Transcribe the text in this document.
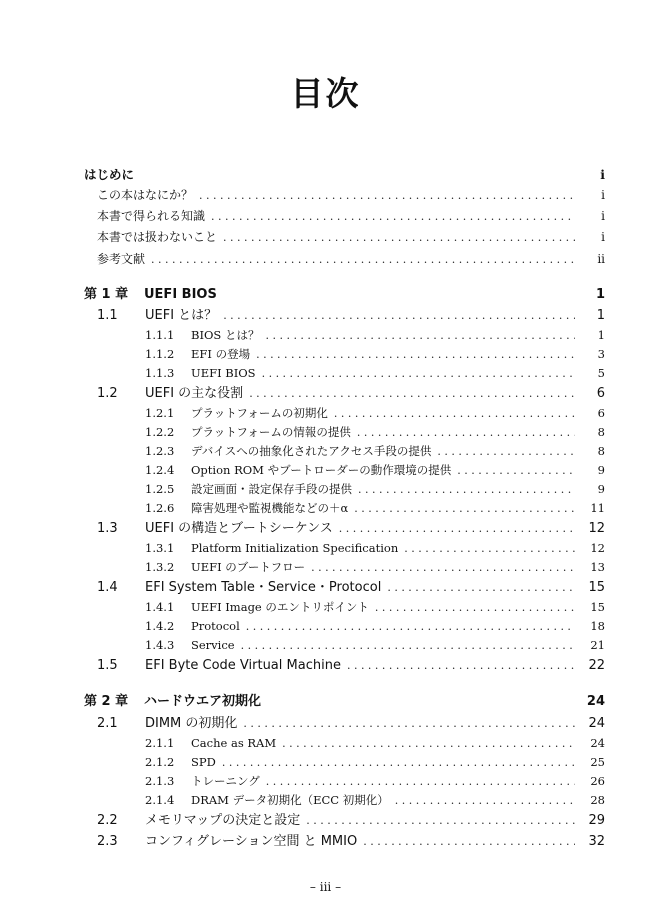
目次
はじめに	i
この本はなにか？ . . .	i
本書で得られる知識 . . .	i
本書では扱わないこと . . .	i
参考文献 . . .	ii
第 1 章	UEFI BIOS	1
1.1	UEFI とは？ . . .	1
1.1.1	BIOS とは？ . . .	1
1.1.2	EFI の登場 . . .	3
1.1.3	UEFI BIOS . . .	5
1.2	UEFI の主な役割 . . .	6
1.2.1	プラットフォームの初期化 . . .	6
1.2.2	プラットフォームの情報の提供 . . .	8
1.2.3	デバイスへの抽象化されたアクセス手段の提供 . . .	8
1.2.4	Option ROM やブートローダーの動作環境の提供 . . .	9
1.2.5	設定画面・設定保存手段の提供 . . .	9
1.2.6	障害処理や監視機能などの＋α . . .	11
1.3	UEFI の構造とブートシーケンス . . .	12
1.3.1	Platform Initialization Specification . . .	12
1.3.2	UEFI のブートフロー . . .	13
1.4	EFI System Table・Service・Protocol . . .	15
1.4.1	UEFI Image のエントリポイント . . .	15
1.4.2	Protocol . . .	18
1.4.3	Service . . .	21
1.5	EFI Byte Code Virtual Machine . . .	22
第 2 章	ハードウエア初期化	24
2.1	DIMM の初期化 . . .	24
2.1.1	Cache as RAM . . .	24
2.1.2	SPD . . .	25
2.1.3	トレーニング . . .	26
2.1.4	DRAM データ初期化（ECC 初期化） . . .	28
2.2	メモリマップの決定と設定 . . .	29
2.3	コンフィグレーション空間 と MMIO . . .	32
– iii –
